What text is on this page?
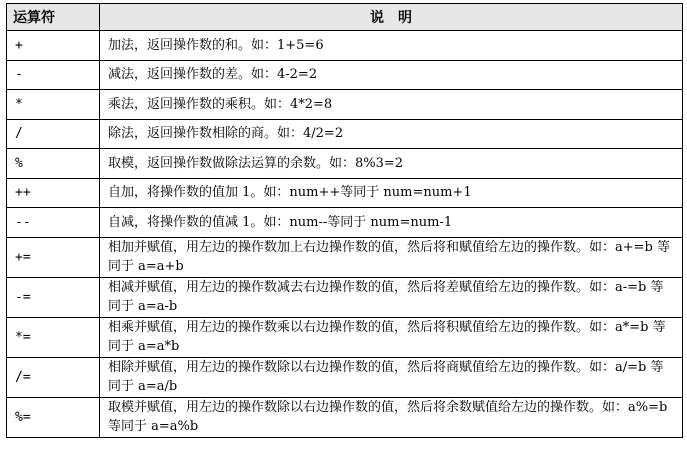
运算符	说明
+	加法，返回操作数的和。如：1+5=6
-	减法，返回操作数的差。如：4-2=2
*	乘法，返回操作数的乘积。如：4*2=8
/	除法，返回操作数相除的商。如：4/2=2
%	取模，返回操作数做除法运算的余数。如：8%3=2
++	自加，将操作数的值加 1。如：num++等同于 num=num+1
--	自减，将操作数的值减 1。如：num--等同于 num=num-1
+=	相加并赋值，用左边的操作数加上右边操作数的值，然后将和赋值给左边的操作数。如：a+=b 等同于 a=a+b
-=	相减并赋值，用左边的操作数减去右边操作数的值，然后将差赋值给左边的操作数。如：a-=b 等同于 a=a-b
*=	相乘并赋值，用左边的操作数乘以右边操作数的值，然后将积赋值给左边的操作数。如：a*=b 等同于 a=a*b
/=	相除并赋值，用左边的操作数除以右边操作数的值，然后将商赋值给左边的操作数。如：a/=b 等同于 a=a/b
%=	取模并赋值，用左边的操作数除以右边操作数的值，然后将余数赋值给左边的操作数。如：a%=b 等同于 a=a%b
